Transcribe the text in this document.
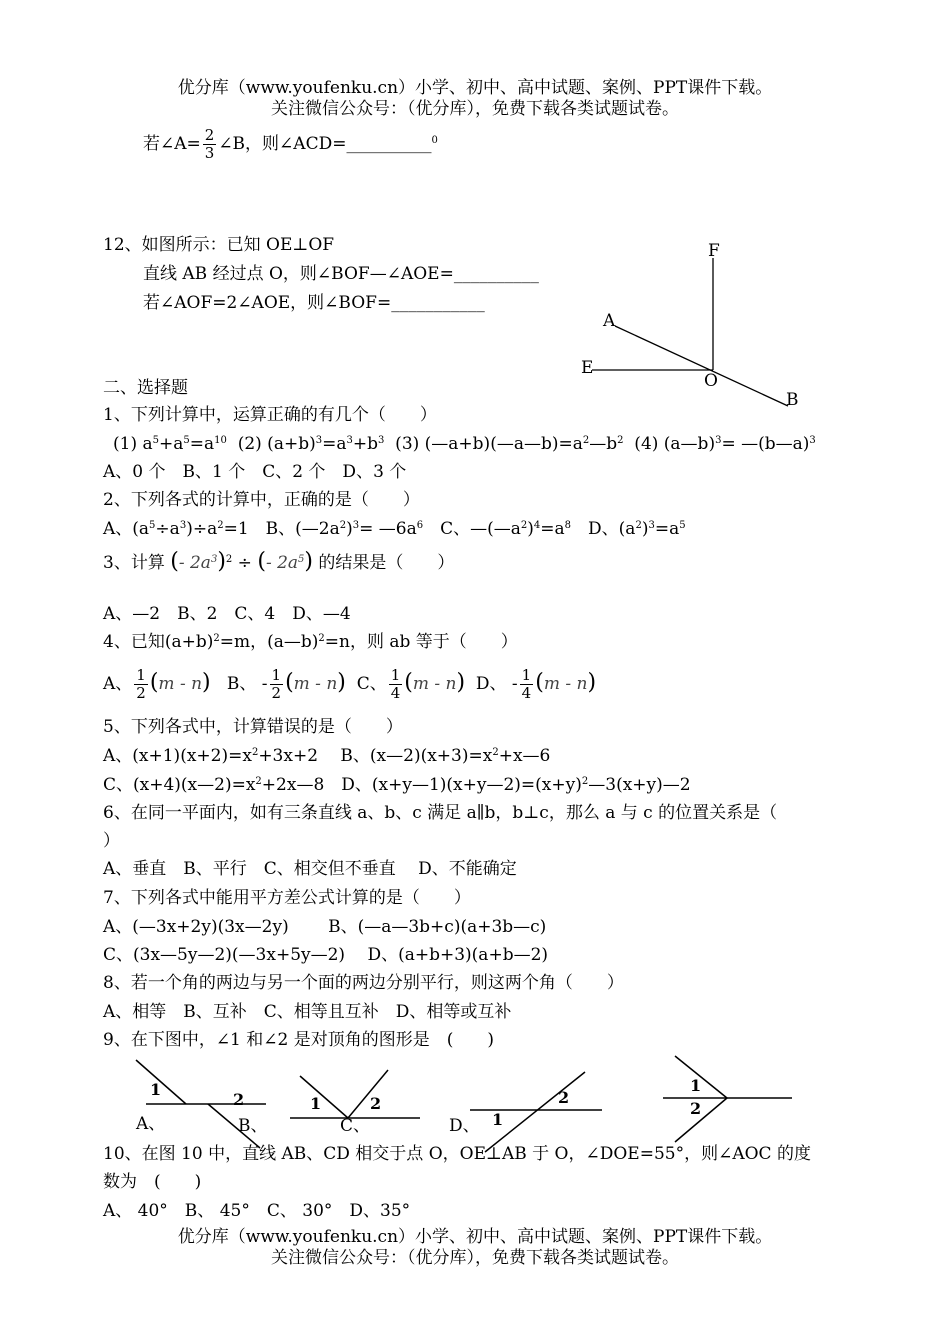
优分库（www.youfenku.cn）小学、初中、高中试题、案例、PPT课件下载。
关注微信公众号：（优分库），免费下载各类试题试卷。
若∠A= $\frac{2}{3}$ ∠B，则∠ACD=__________$^0$
12、如图所示：已知 OE⊥OF
直线 AB 经过点 O，则∠BOF—∠AOE=__________
若∠AOF=2∠AOE，则∠BOF=___________
F
A
E
O
B
二、选择题
1、下列计算中，运算正确的有几个（　　）
(1) $a^5+a^5=a^{10}$  (2) $(a+b)^3=a^3+b^3$  (3) $(—a+b)(—a—b)=a^2—b^2$  (4) (a—b)$^3$= —(b—a)$^3$
A、0 个　B、1 个　C、2 个　D、3 个
2、下列各式的计算中，正确的是（　　）
A、$(a^5\div a^3)\div a^2=1$　B、$(—2a^2)^3=$ $—6a^6$　C、$—(—a^2)^4=a^8$　D、$(a^2)^3=a^5$
3、计算 (- $2a^3)^2$ ÷ (- $2a^5$) 的结果是（　　）
A、—2　B、2　C、4　D、—4
4、已知$(a+b)^2=m$，(a—b)$^2$=n，则 ab 等于（　　）
A、 $\frac{1}{2} (m - n)$ B、 - $\frac{1}{2} (m - n)$ C、 $\frac{1}{4} (m - n)$ D、 - $\frac{1}{4} (m - n)$
5、下列各式中，计算错误的是（　　）
A、$(x+1)(x+2)=x^2+3x+2$　 B、$(x—2)(x+3)=x^2+x—6$
C、$(x+4)(x—2)=x^2+2x—8$　D、$(x+y—1)(x+y—2)=(x+y)^2—3(x+y)—2$
6、在同一平面内，如有三条直线 a、b、c 满足 a∥b，b⊥c，那么 a 与 c 的位置关系是（
）
A、垂直　B、平行　C、相交但不垂直　 D、不能确定
7、下列各式中能用平方差公式计算的是（　　）
A、(—3x+2y)(3x—2y)　　 B、(—a—3b+c)(a+3b—c)
C、(3x—5y—2)(—3x+5y—2)　 D、(a+b+3)(a+b—2)
8、若一个角的两边与另一个面的两边分别平行，则这两个角（　　）
A、相等　B、互补　C、相等且互补　D、相等或互补
9、在下图中，∠1 和∠2 是对顶角的图形是　(　　)
1
2
A、	B、
1	2
C、	1
2
D、
1
2
10、在图 10 中，直线 AB、CD 相交于点 O，OE⊥AB 于 O，∠DOE=55°，则∠AOC 的度
数为　(　　)
A、 40°　B、 45°　C、 30°　D、35°
优分库（www.youfenku.cn）小学、初中、高中试题、案例、PPT课件下载。
关注微信公众号：（优分库），免费下载各类试题试卷。
